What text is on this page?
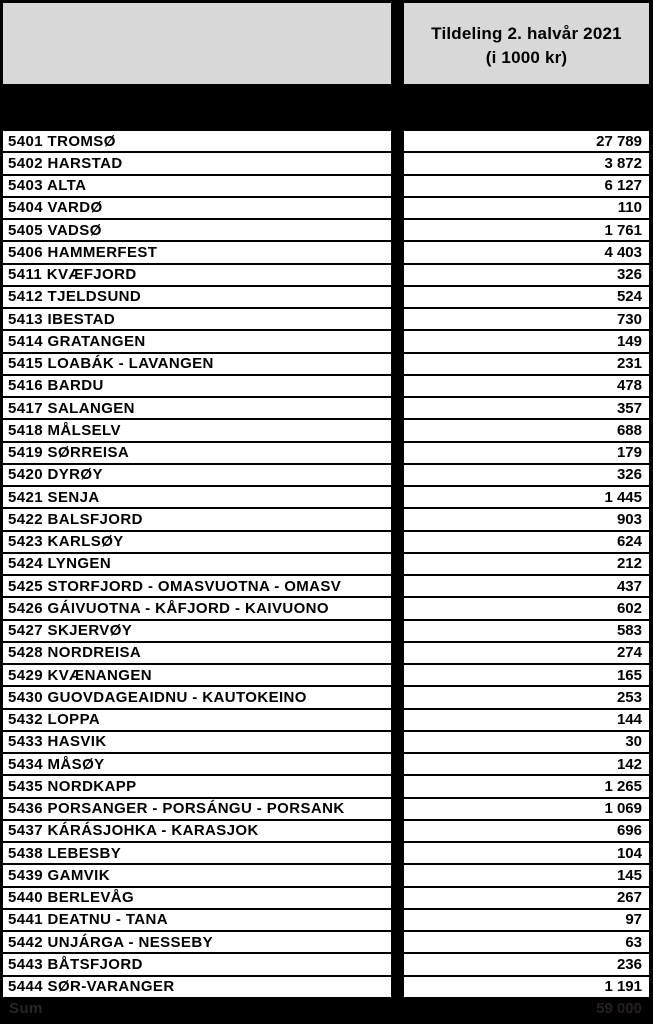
Tildeling 2. halvår 2021
(i 1000 kr)
5401 TROMSØ	27 789
5402 HARSTAD	3 872
5403 ALTA	6 127
5404 VARDØ	110
5405 VADSØ	1 761
5406 HAMMERFEST	4 403
5411 KVÆFJORD	326
5412 TJELDSUND	524
5413 IBESTAD	730
5414 GRATANGEN	149
5415 LOABÁK - LAVANGEN	231
5416 BARDU	478
5417 SALANGEN	357
5418 MÅLSELV	688
5419 SØRREISA	179
5420 DYRØY	326
5421 SENJA	1 445
5422 BALSFJORD	903
5423 KARLSØY	624
5424 LYNGEN	212
5425 STORFJORD - OMASVUOTNA - OMASV	437
5426 GÁIVUOTNA - KÅFJORD - KAIVUONO	602
5427 SKJERVØY	583
5428 NORDREISA	274
5429 KVÆNANGEN	165
5430 GUOVDAGEAIDNU - KAUTOKEINO	253
5432 LOPPA	144
5433 HASVIK	30
5434 MÅSØY	142
5435 NORDKAPP	1 265
5436 PORSANGER - PORSÁNGU - PORSANK	1 069
5437 KÁRÁSJOHKA - KARASJOK	696
5438 LEBESBY	104
5439 GAMVIK	145
5440 BERLEVÅG	267
5441 DEATNU - TANA	97
5442 UNJÁRGA - NESSEBY	63
5443 BÅTSFJORD	236
5444 SØR-VARANGER	1 191
Sum	59 000
